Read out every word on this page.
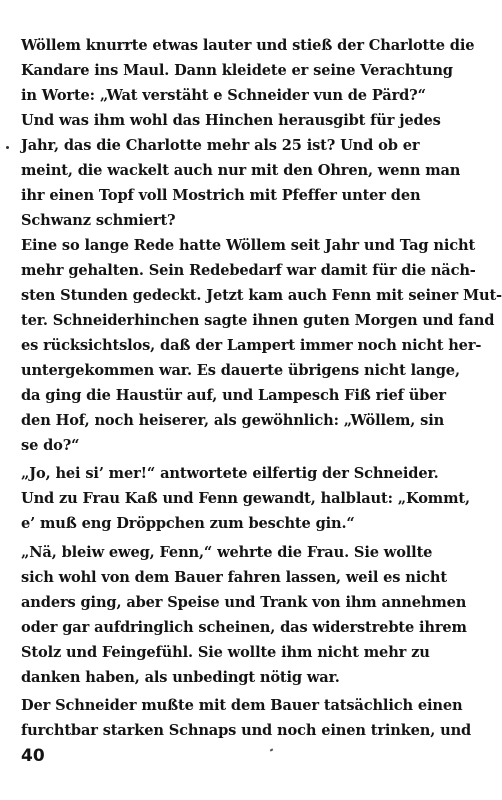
Wöllem knurrte etwas lauter und stieß der Charlotte die
Kandare ins Maul. Dann kleidete er seine Verachtung
in Worte: „Wat verstäht e Schneider vun de Pärd?“
Und was ihm wohl das Hinchen herausgibt für jedes
Jahr, das die Charlotte mehr als 25 ist? Und ob er
meint, die wackelt auch nur mit den Ohren, wenn man
ihr einen Topf voll Mostrich mit Pfeffer unter den
Schwanz schmiert?
Eine so lange Rede hatte Wöllem seit Jahr und Tag nicht
mehr gehalten. Sein Redebedarf war damit für die näch-
sten Stunden gedeckt. Jetzt kam auch Fenn mit seiner Mut-
ter. Schneiderhinchen sagte ihnen guten Morgen und fand
es rücksichtslos, daß der Lampert immer noch nicht her-
untergekommen war. Es dauerte übrigens nicht lange,
da ging die Haustür auf, und Lampesch Fiß rief über
den Hof, noch heiserer, als gewöhnlich: „Wöllem, sin
se do?“
„Jo, hei si’ mer!“ antwortete eilfertig der Schneider.
Und zu Frau Kaß und Fenn gewandt, halblaut: „Kommt,
e’ muß eng Dröppchen zum beschte gin.“
„Nä, bleiw eweg, Fenn,“ wehrte die Frau. Sie wollte
sich wohl von dem Bauer fahren lassen, weil es nicht
anders ging, aber Speise und Trank von ihm annehmen
oder gar aufdringlich scheinen, das widerstrebte ihrem
Stolz und Feingefühl. Sie wollte ihm nicht mehr zu
danken haben, als unbedingt nötig war.
Der Schneider mußte mit dem Bauer tatsächlich einen
furchtbar starken Schnaps und noch einen trinken, und
40
